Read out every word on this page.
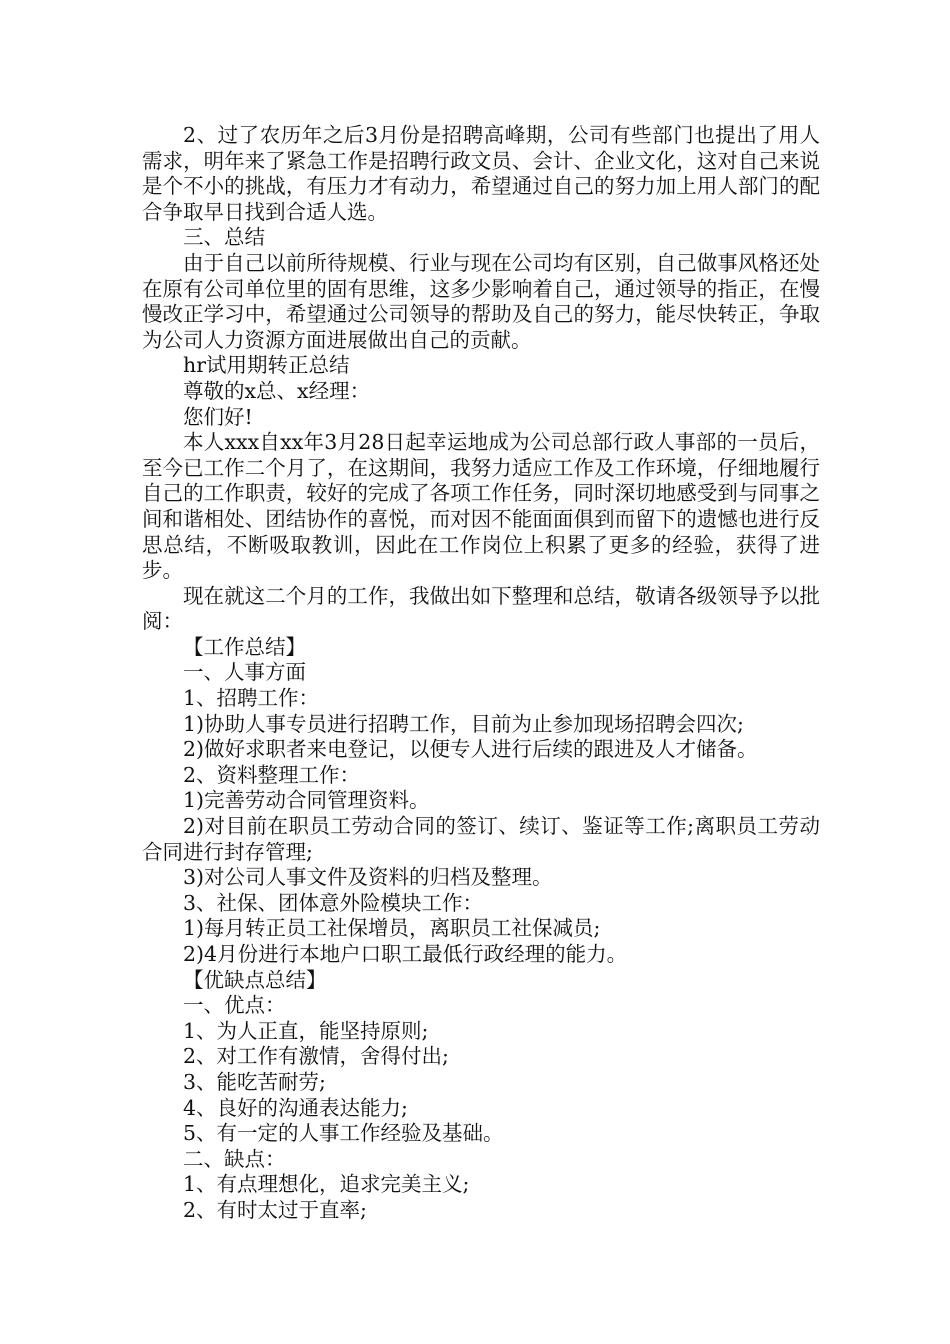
2、过了农历年之后3月份是招聘高峰期，公司有些部门也提出了用人需求，明年来了紧急工作是招聘行政文员、会计、企业文化，这对自己来说是个不小的挑战，有压力才有动力，希望通过自己的努力加上用人部门的配合争取早日找到合适人选。

三、总结

由于自己以前所待规模、行业与现在公司均有区别，自己做事风格还处在原有公司单位里的固有思维，这多少影响着自己，通过领导的指正，在慢慢改正学习中，希望通过公司领导的帮助及自己的努力，能尽快转正，争取为公司人力资源方面进展做出自己的贡献。

hr试用期转正总结

尊敬的x总、x经理：

您们好!

本人xxx自xx年3月28日起幸运地成为公司总部行政人事部的一员后，至今已工作二个月了，在这期间，我努力适应工作及工作环境，仔细地履行自己的工作职责，较好的完成了各项工作任务，同时深切地感受到与同事之间和谐相处、团结协作的喜悦，而对因不能面面俱到而留下的遗憾也进行反思总结，不断吸取教训，因此在工作岗位上积累了更多的经验，获得了进步。

现在就这二个月的工作，我做出如下整理和总结，敬请各级领导予以批阅：

【工作总结】

一、人事方面

1、招聘工作：

1)协助人事专员进行招聘工作，目前为止参加现场招聘会四次;

2)做好求职者来电登记，以便专人进行后续的跟进及人才储备。

2、资料整理工作：

1)完善劳动合同管理资料。

2)对目前在职员工劳动合同的签订、续订、鉴证等工作;离职员工劳动合同进行封存管理;

3)对公司人事文件及资料的归档及整理。

3、社保、团体意外险模块工作：

1)每月转正员工社保增员，离职员工社保减员;

2)4月份进行本地户口职工最低行政经理的能力。

【优缺点总结】

一、优点：

1、为人正直，能坚持原则;

2、对工作有激情，舍得付出;

3、能吃苦耐劳;

4、良好的沟通表达能力;

5、有一定的人事工作经验及基础。

二、缺点：

1、有点理想化，追求完美主义;

2、有时太过于直率;
